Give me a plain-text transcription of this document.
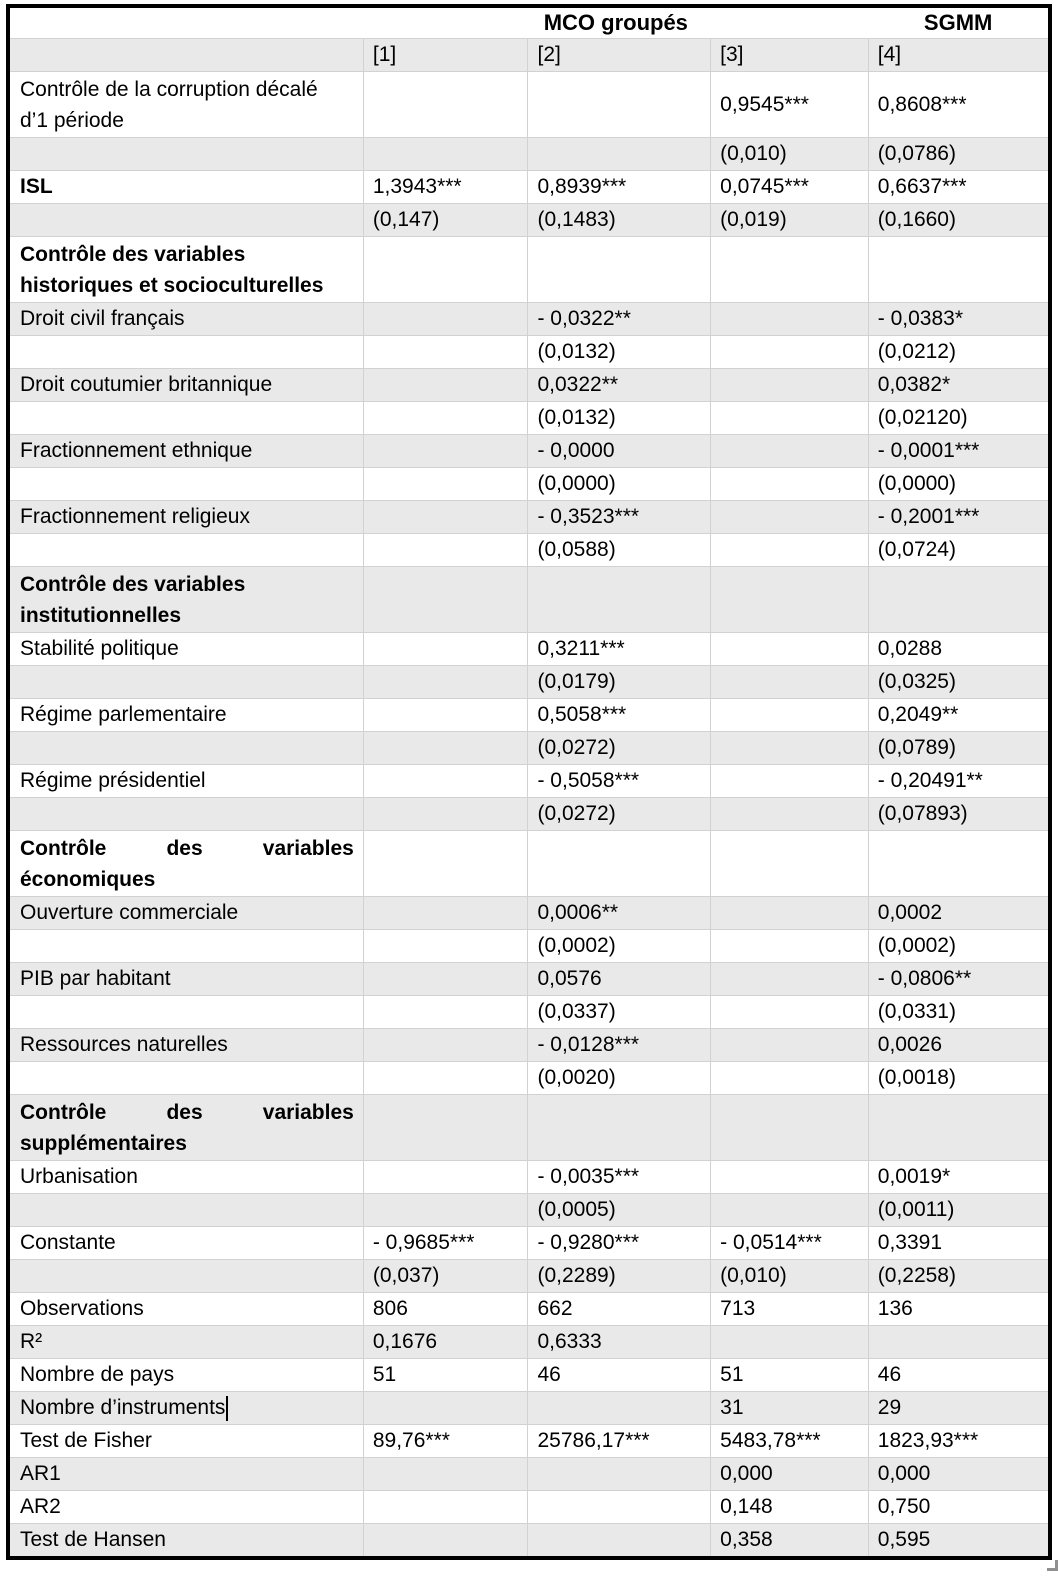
	MCO groupés			SGMM
	[1]	[2]	[3]	[4]

Contrôle de la corruption décalé
d’1 période			0,9545***	0,8608***
			(0,010)	(0,0786)
ISL	1,3943***	0,8939***	0,0745***	0,6637***
	(0,147)	(0,1483)	(0,019)	(0,1660)

Contrôle des variables
historiques et socioculturelles				

Droit civil français		- 0,0322**		- 0,0383*
		(0,0132)		(0,0212)
Droit coutumier britannique		0,0322**		0,0382*
		(0,0132)		(0,02120)
Fractionnement ethnique		- 0,0000		- 0,0001***
		(0,0000)		(0,0000)
Fractionnement religieux		- 0,3523***		- 0,2001***
		(0,0588)		(0,0724)

Contrôle des variables
institutionnelles				

Stabilité politique		0,3211***		0,0288
		(0,0179)		(0,0325)
Régime parlementaire		0,5058***		0,2049**
		(0,0272)		(0,0789)
Régime présidentiel		- 0,5058***		- 0,20491**
		(0,0272)		(0,07893)

Contrôle des variables
économiques				

Ouverture commerciale		0,0006**		0,0002
		(0,0002)		(0,0002)
PIB par habitant		0,0576		- 0,0806**
		(0,0337)		(0,0331)
Ressources naturelles		- 0,0128***		0,0026
		(0,0020)		(0,0018)

Contrôle des variables
supplémentaires				

Urbanisation		- 0,0035***		0,0019*
		(0,0005)		(0,0011)
Constante	- 0,9685***	- 0,9280***	- 0,0514***	0,3391
	(0,037)	(0,2289)	(0,010)	(0,2258)
Observations	806	662	713	136
R²	0,1676	0,6333		
Nombre de pays	51	46	51	46
Nombre d’instruments			31	29
Test de Fisher	89,76***	25786,17***	5483,78***	1823,93***
AR1			0,000	0,000
AR2			0,148	0,750
Test de Hansen			0,358	0,595
